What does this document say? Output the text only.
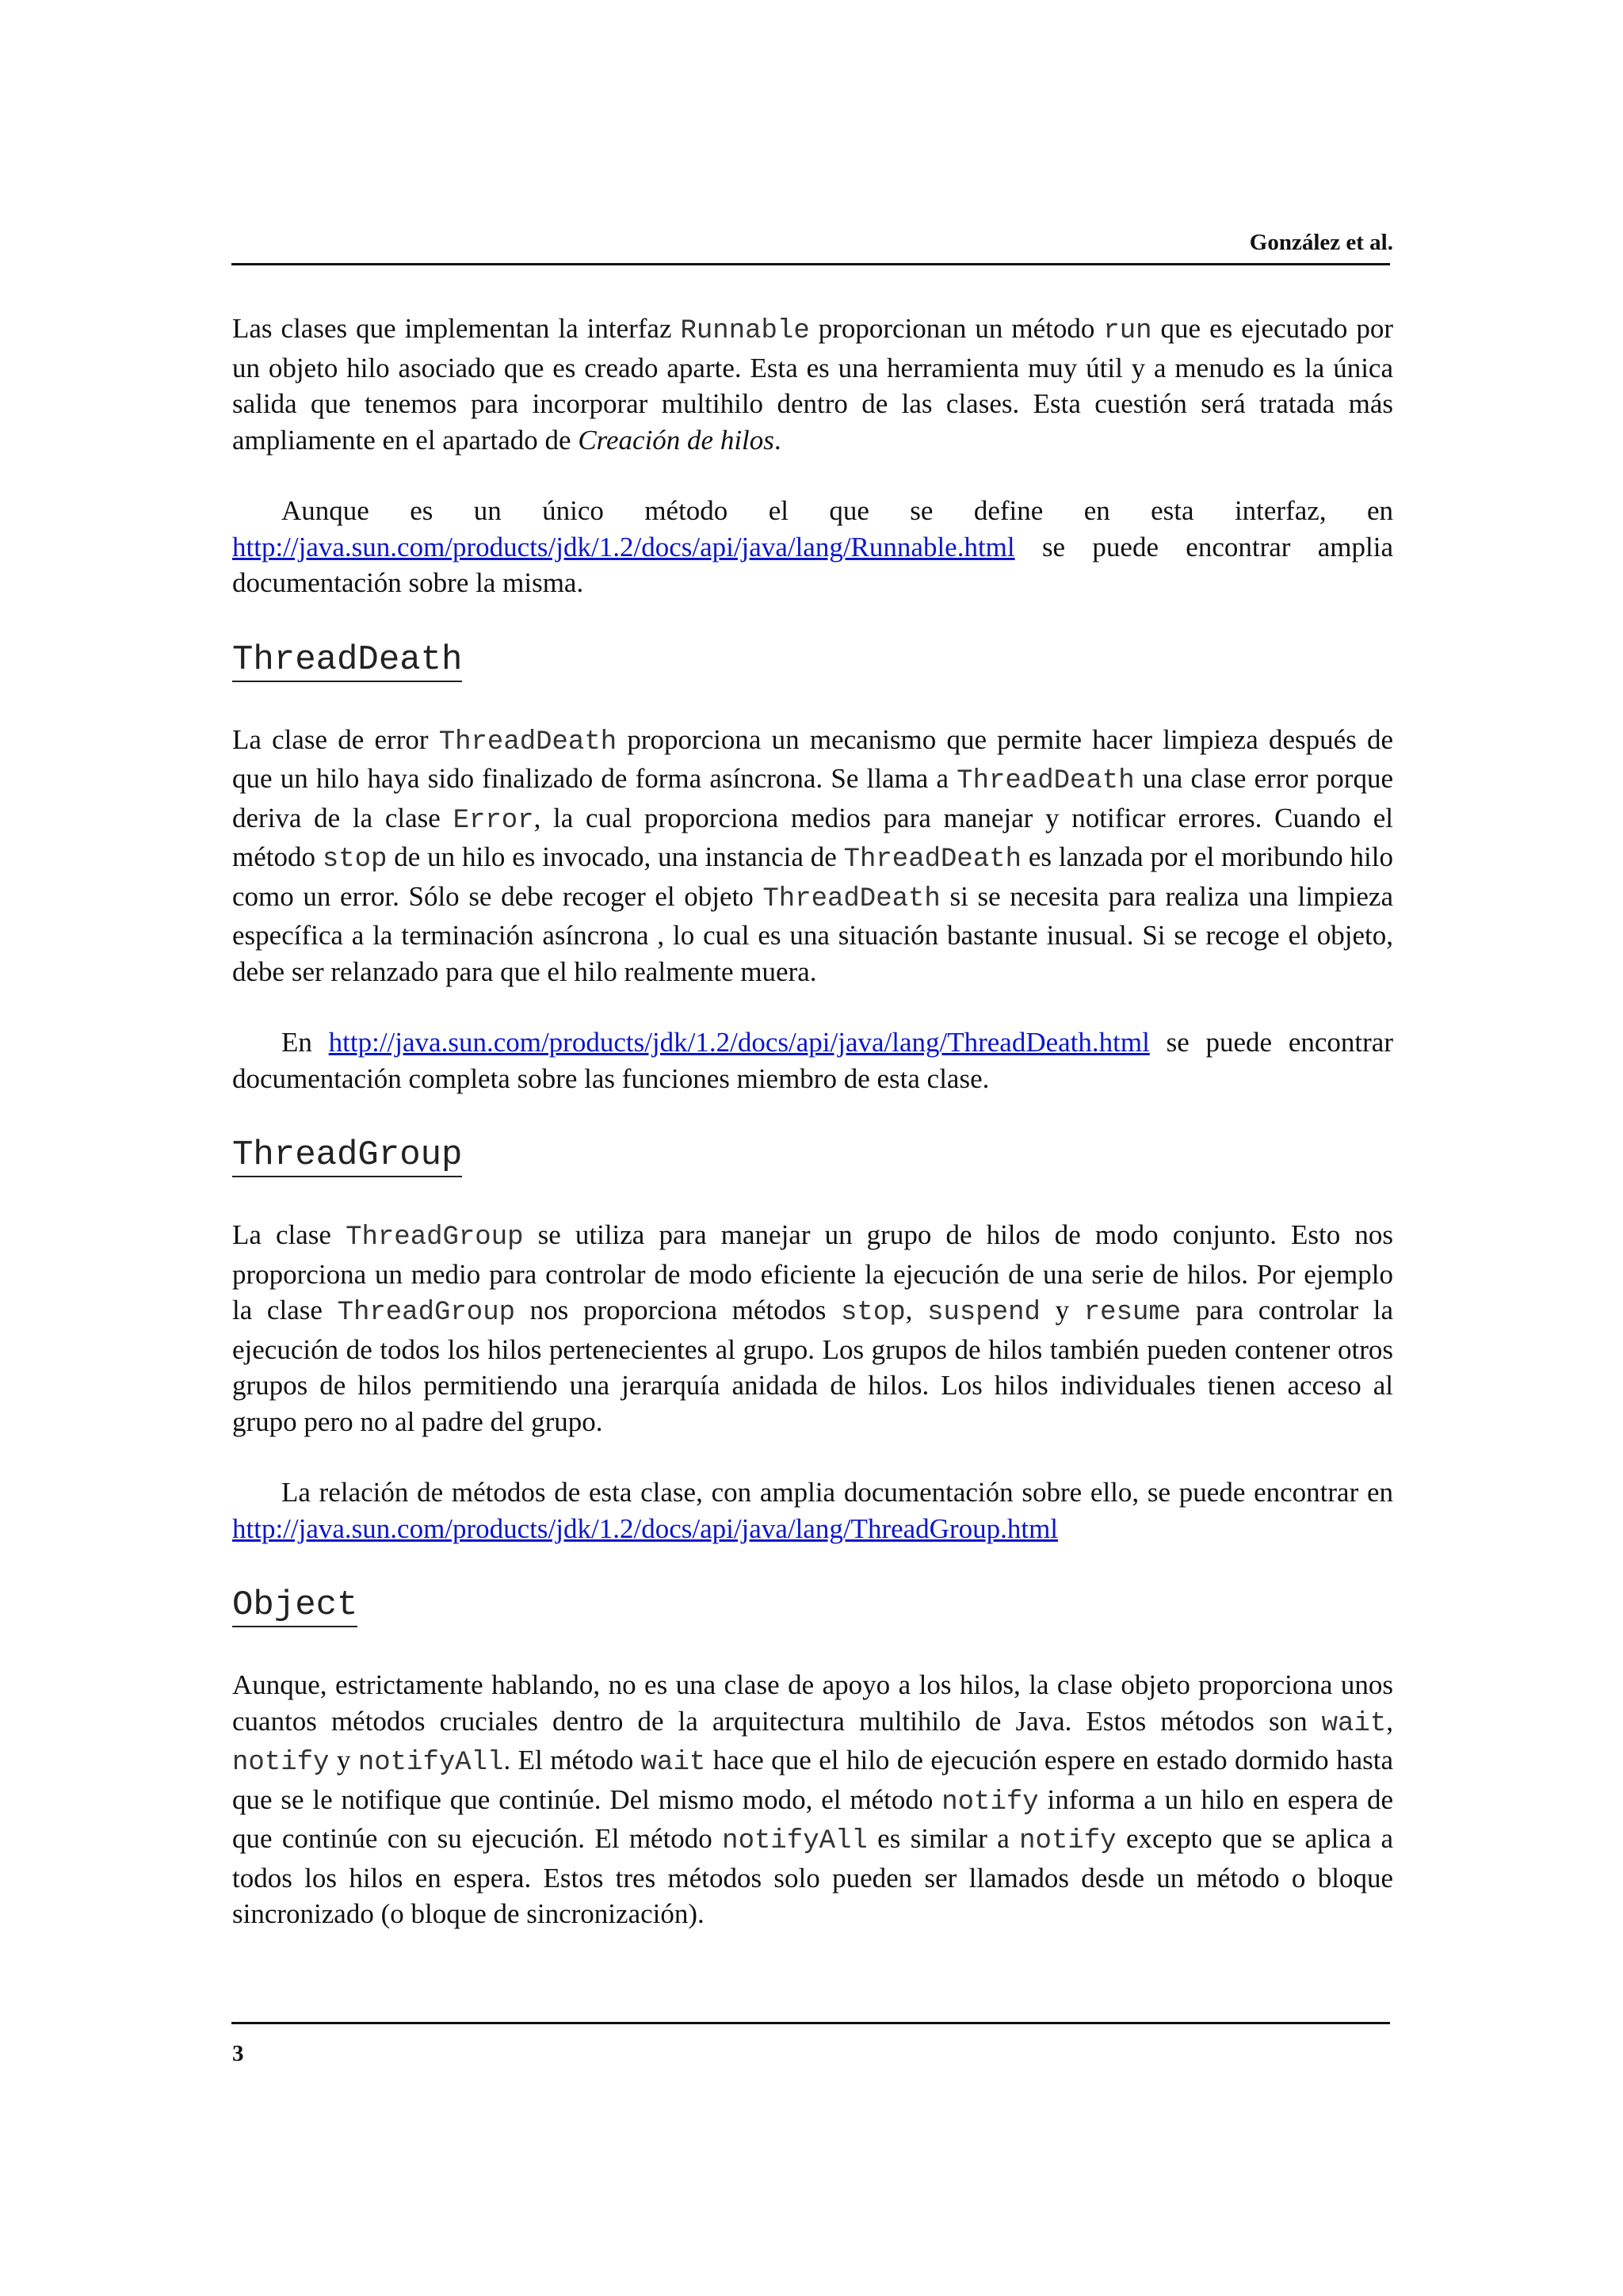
González et al.

Las clases que implementan la interfaz Runnable proporcionan un método run que es ejecutado por un objeto hilo asociado que es creado aparte. Esta es una herramienta muy útil y a menudo es la única salida que tenemos para incorporar multihilo dentro de las clases. Esta cuestión será tratada más ampliamente en el apartado de Creación de hilos.

Aunque es un único método el que se define en esta interfaz, en http://java.sun.com/products/jdk/1.2/docs/api/java/lang/Runnable.html se puede encontrar amplia documentación sobre la misma.

ThreadDeath

La clase de error ThreadDeath proporciona un mecanismo que permite hacer limpieza después de que un hilo haya sido finalizado de forma asíncrona. Se llama a ThreadDeath una clase error porque deriva de la clase Error, la cual proporciona medios para manejar y notificar errores. Cuando el método stop de un hilo es invocado, una instancia de ThreadDeath es lanzada por el moribundo hilo como un error. Sólo se debe recoger el objeto ThreadDeath si se necesita para realiza una limpieza específica a la terminación asíncrona , lo cual es una situación bastante inusual. Si se recoge el objeto, debe ser relanzado para que el hilo realmente muera.

En http://java.sun.com/products/jdk/1.2/docs/api/java/lang/ThreadDeath.html se puede encontrar documentación completa sobre las funciones miembro de esta clase.

ThreadGroup

La clase ThreadGroup se utiliza para manejar un grupo de hilos de modo conjunto. Esto nos proporciona un medio para controlar de modo eficiente la ejecución de una serie de hilos. Por ejemplo la clase ThreadGroup nos proporciona métodos stop, suspend y resume para controlar la ejecución de todos los hilos pertenecientes al grupo. Los grupos de hilos también pueden contener otros grupos de hilos permitiendo una jerarquía anidada de hilos. Los hilos individuales tienen acceso al grupo pero no al padre del grupo.

La relación de métodos de esta clase, con amplia documentación sobre ello, se puede encontrar en http://java.sun.com/products/jdk/1.2/docs/api/java/lang/ThreadGroup.html

Object

Aunque, estrictamente hablando, no es una clase de apoyo a los hilos, la clase objeto proporciona unos cuantos métodos cruciales dentro de la arquitectura multihilo de Java. Estos métodos son wait, notify y notifyAll. El método wait hace que el hilo de ejecución espere en estado dormido hasta que se le notifique que continúe. Del mismo modo, el método notify informa a un hilo en espera de que continúe con su ejecución. El método notifyAll es similar a notify excepto que se aplica a todos los hilos en espera. Estos tres métodos solo pueden ser llamados desde un método o bloque sincronizado (o bloque de sincronización).

3
